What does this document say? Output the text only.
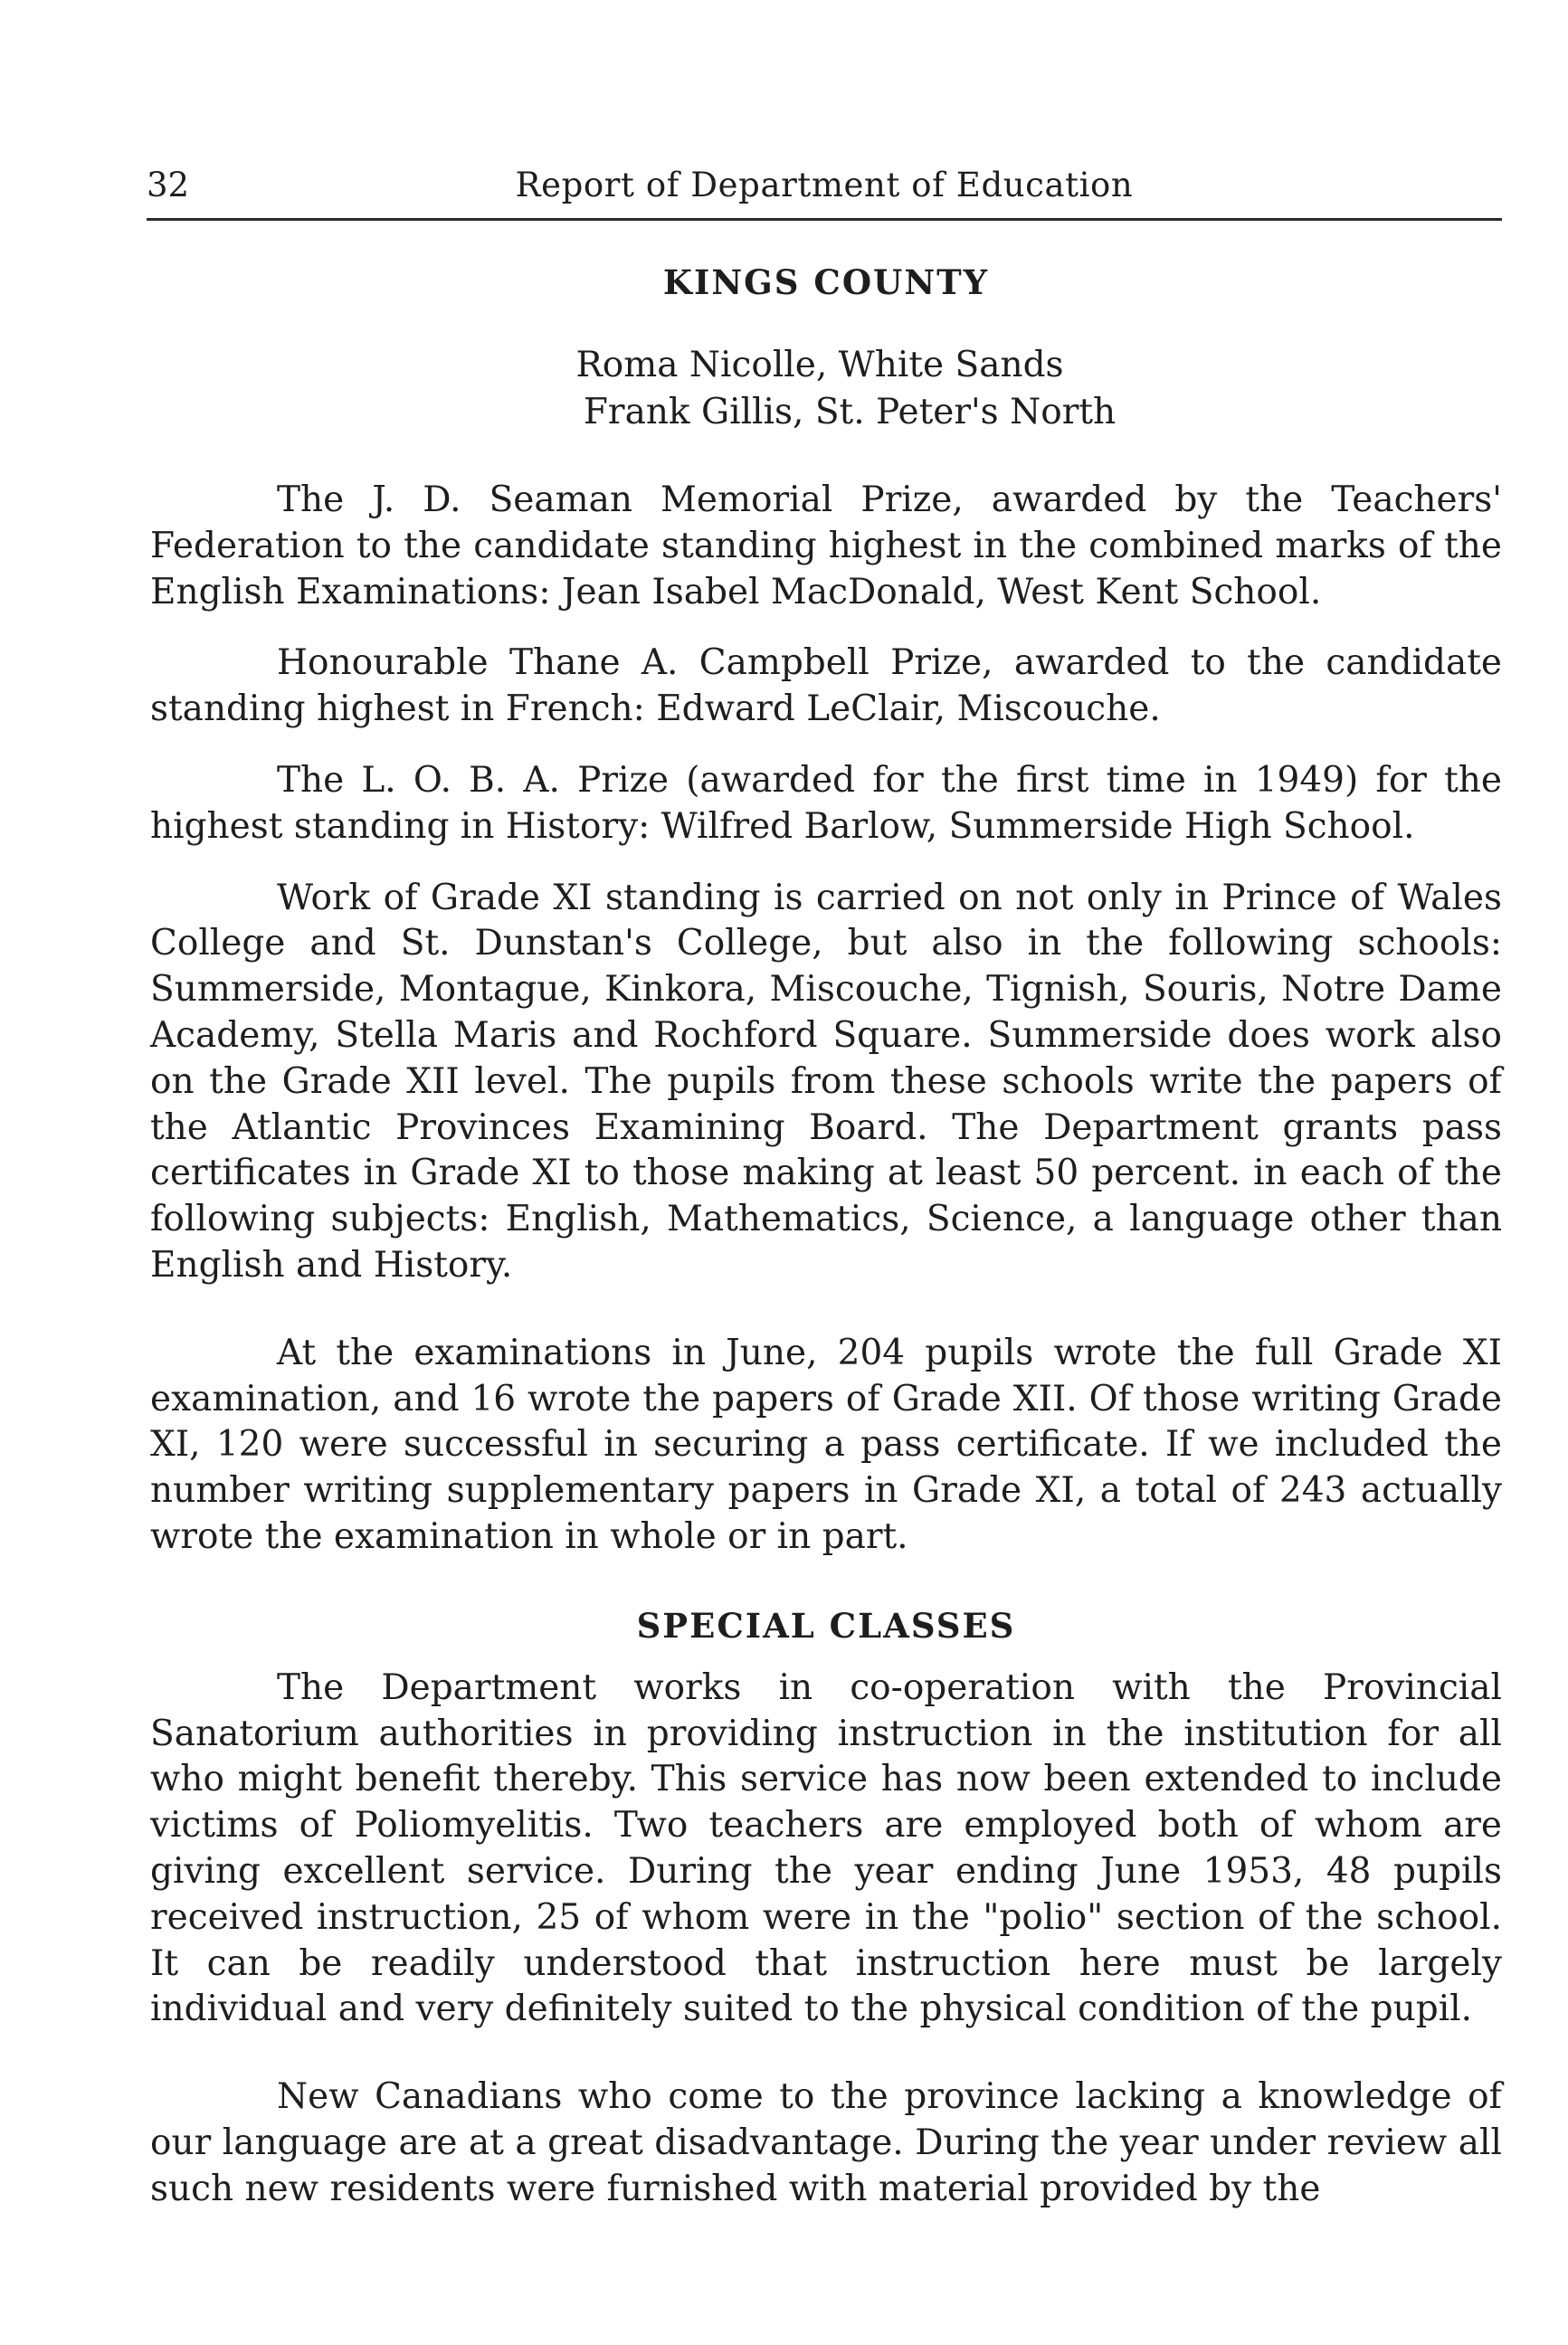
32	Report of Department of Education
KINGS COUNTY
Roma Nicolle, White Sands
Frank Gillis, St. Peter's North

The J. D. Seaman Memorial Prize, awarded by the Teachers' Federation to the candidate standing highest in the combined marks of the English Examinations: Jean Isabel MacDonald, West Kent School.

Honourable Thane A. Campbell Prize, awarded to the candidate standing highest in French: Edward LeClair, Miscouche.

The L. O. B. A. Prize (awarded for the first time in 1949) for the highest standing in History: Wilfred Barlow, Summerside High School.

Work of Grade XI standing is carried on not only in Prince of Wales College and St. Dunstan's College, but also in the following schools: Summerside, Montague, Kinkora, Miscouche, Tignish, Souris, Notre Dame Academy, Stella Maris and Rochford Square. Summerside does work also on the Grade XII level. The pupils from these schools write the papers of the Atlantic Provinces Examining Board. The Department grants pass certificates in Grade XI to those making at least 50 percent. in each of the following subjects: English, Mathematics, Science, a language other than English and History.

At the examinations in June, 204 pupils wrote the full Grade XI examination, and 16 wrote the papers of Grade XII. Of those writing Grade XI, 120 were successful in securing a pass certificate. If we included the number writing supplementary papers in Grade XI, a total of 243 actually wrote the examination in whole or in part.

SPECIAL CLASSES

The Department works in co-operation with the Provincial Sanatorium authorities in providing instruction in the institution for all who might benefit thereby. This service has now been extended to include victims of Poliomyelitis. Two teachers are employed both of whom are giving excellent service. During the year ending June 1953, 48 pupils received instruction, 25 of whom were in the "polio" section of the school. It can be readily understood that instruction here must be largely individual and very definitely suited to the physical condition of the pupil.

New Canadians who come to the province lacking a knowledge of our language are at a great disadvantage. During the year under review all such new residents were furnished with material provided by the
